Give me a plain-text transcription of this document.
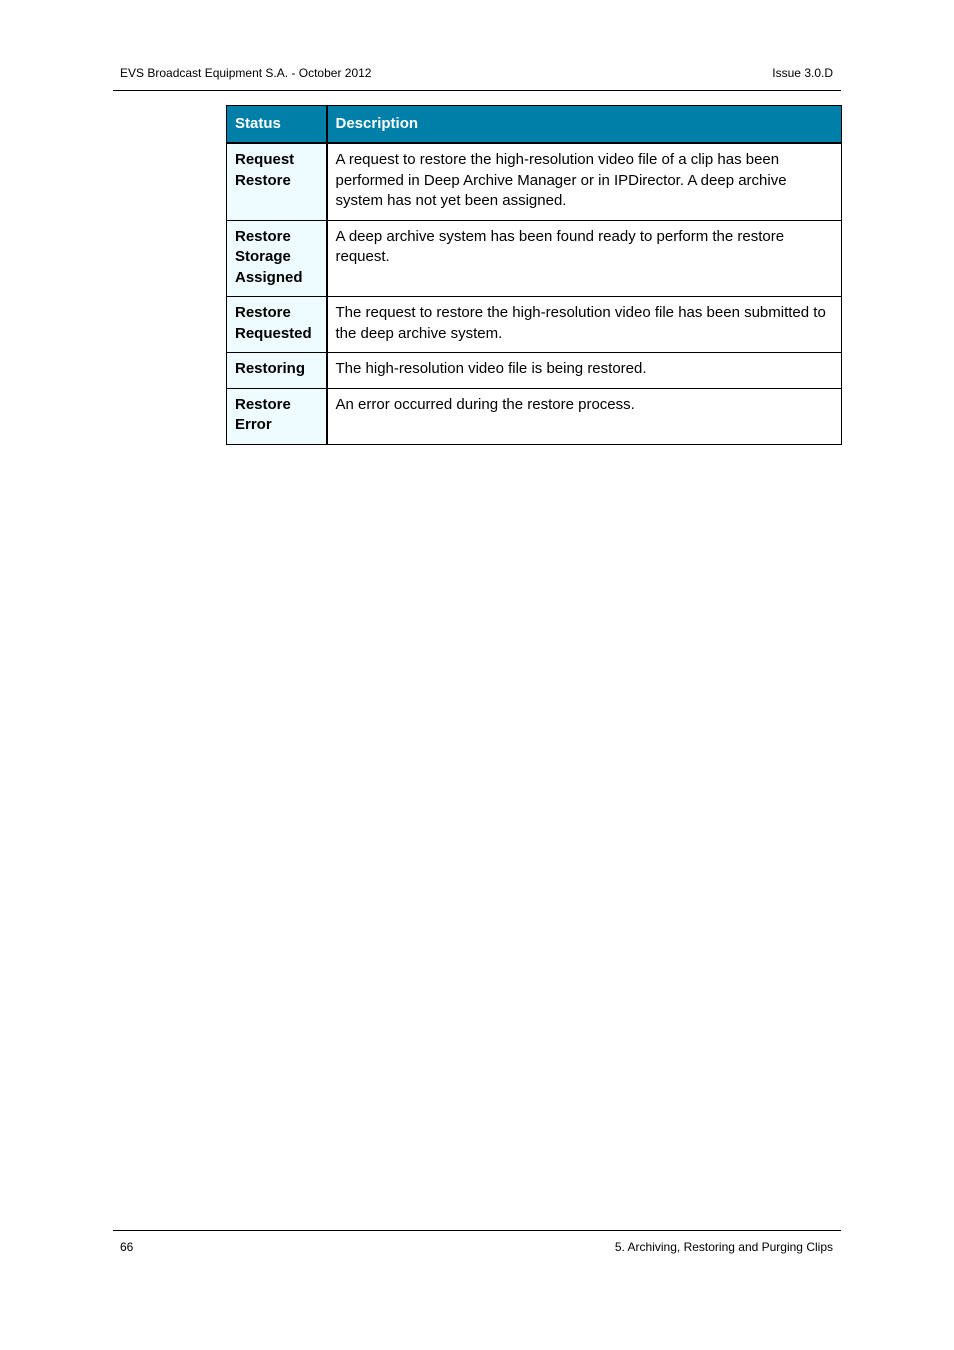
EVS Broadcast Equipment S.A. - October 2012	Issue 3.0.D
Status	Description
Request Restore	A request to restore the high-resolution video file of a clip has been performed in Deep Archive Manager or in IPDirector. A deep archive system has not yet been assigned.
Restore Storage Assigned	A deep archive system has been found ready to perform the restore request.
Restore Requested	The request to restore the high-resolution video file has been submitted to the deep archive system.
Restoring	The high-resolution video file is being restored.
Restore Error	An error occurred during the restore process.
66	5. Archiving, Restoring and Purging Clips
